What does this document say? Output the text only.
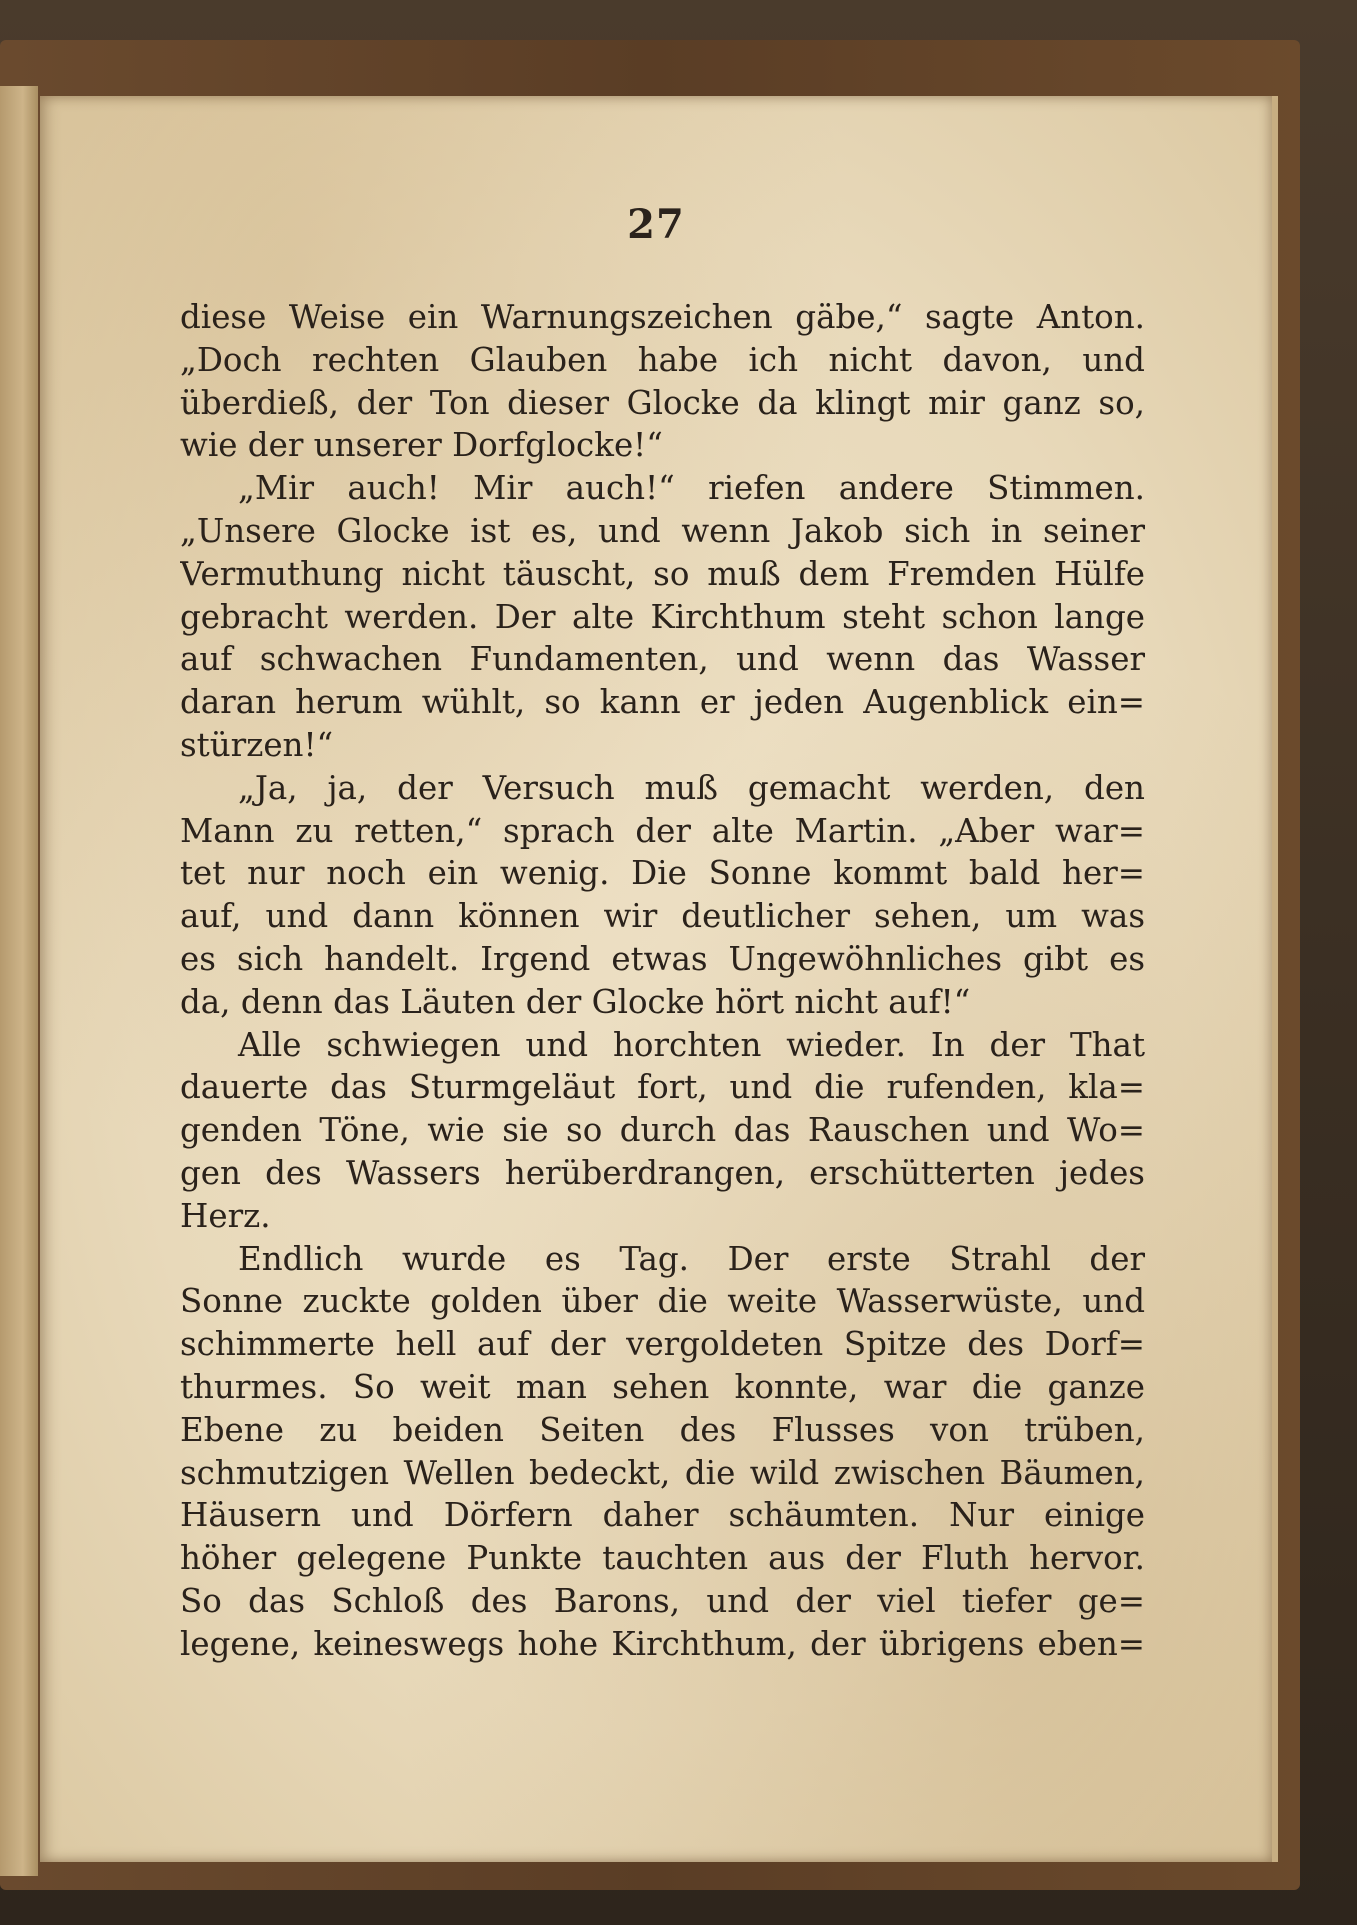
27
diese Weise ein Warnungszeichen gäbe,“ sagte Anton.
„Doch rechten Glauben habe ich nicht davon, und
überdieß, der Ton dieser Glocke da klingt mir ganz so,
wie der unserer Dorfglocke!“
„Mir auch! Mir auch!“ riefen andere Stimmen.
„Unsere Glocke ist es, und wenn Jakob sich in seiner
Vermuthung nicht täuscht, so muß dem Fremden Hülfe
gebracht werden. Der alte Kirchthum steht schon lange
auf schwachen Fundamenten, und wenn das Wasser
daran herum wühlt, so kann er jeden Augenblick ein=
stürzen!“
„Ja, ja, der Versuch muß gemacht werden, den
Mann zu retten,“ sprach der alte Martin. „Aber war=
tet nur noch ein wenig. Die Sonne kommt bald her=
auf, und dann können wir deutlicher sehen, um was
es sich handelt. Irgend etwas Ungewöhnliches gibt es
da, denn das Läuten der Glocke hört nicht auf!“
Alle schwiegen und horchten wieder. In der That
dauerte das Sturmgeläut fort, und die rufenden, kla=
genden Töne, wie sie so durch das Rauschen und Wo=
gen des Wassers herüberdrangen, erschütterten jedes
Herz.
Endlich wurde es Tag. Der erste Strahl der
Sonne zuckte golden über die weite Wasserwüste, und
schimmerte hell auf der vergoldeten Spitze des Dorf=
thurmes. So weit man sehen konnte, war die ganze
Ebene zu beiden Seiten des Flusses von trüben,
schmutzigen Wellen bedeckt, die wild zwischen Bäumen,
Häusern und Dörfern daher schäumten. Nur einige
höher gelegene Punkte tauchten aus der Fluth hervor.
So das Schloß des Barons, und der viel tiefer ge=
legene, keineswegs hohe Kirchthum, der übrigens eben=
